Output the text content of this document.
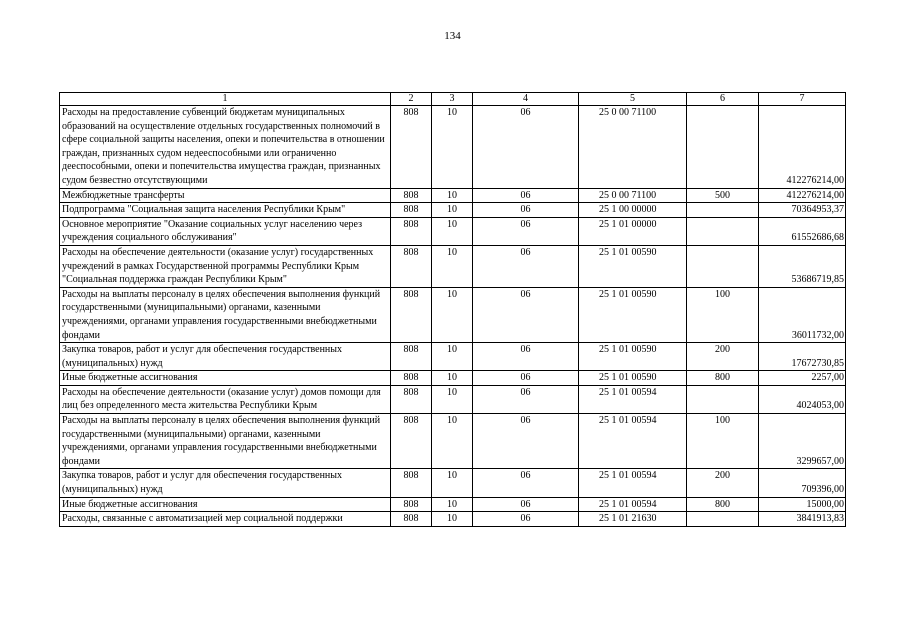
134
1	2	3	4	5	6	7
Расходы на предоставление субвенций бюджетам муниципальных образований на осуществление отдельных государственных полномочий в сфере социальной защиты населения, опеки и попечительства в отношении граждан, признанных судом недееспособными или ограниченно дееспособными, опеки и попечительства имущества граждан, признанных судом безвестно отсутствующими	808	10	06	25 0 00 71100		412276214,00
Межбюджетные трансферты	808	10	06	25 0 00 71100	500	412276214,00
Подпрограмма "Социальная защита населения Республики Крым"	808	10	06	25 1 00 00000		70364953,37
Основное мероприятие "Оказание социальных услуг населению через учреждения социального обслуживания"	808	10	06	25 1 01 00000		61552686,68
Расходы на обеспечение деятельности (оказание услуг) государственных учреждений в рамках Государственной программы Республики Крым "Социальная поддержка граждан Республики Крым"	808	10	06	25 1 01 00590		53686719,85
Расходы на выплаты персоналу в целях обеспечения выполнения функций государственными (муниципальными) органами, казенными учреждениями, органами управления государственными внебюджетными фондами	808	10	06	25 1 01 00590	100	36011732,00
Закупка товаров, работ и услуг для обеспечения государственных (муниципальных) нужд	808	10	06	25 1 01 00590	200	17672730,85
Иные бюджетные ассигнования	808	10	06	25 1 01 00590	800	2257,00
Расходы на обеспечение деятельности (оказание услуг) домов помощи для лиц без определенного места жительства Республики Крым	808	10	06	25 1 01 00594		4024053,00
Расходы на выплаты персоналу в целях обеспечения выполнения функций государственными (муниципальными) органами, казенными учреждениями, органами управления государственными внебюджетными фондами	808	10	06	25 1 01 00594	100	3299657,00
Закупка товаров, работ и услуг для обеспечения государственных (муниципальных) нужд	808	10	06	25 1 01 00594	200	709396,00
Иные бюджетные ассигнования	808	10	06	25 1 01 00594	800	15000,00
Расходы, связанные с автоматизацией мер социальной поддержки	808	10	06	25 1 01 21630		3841913,83
